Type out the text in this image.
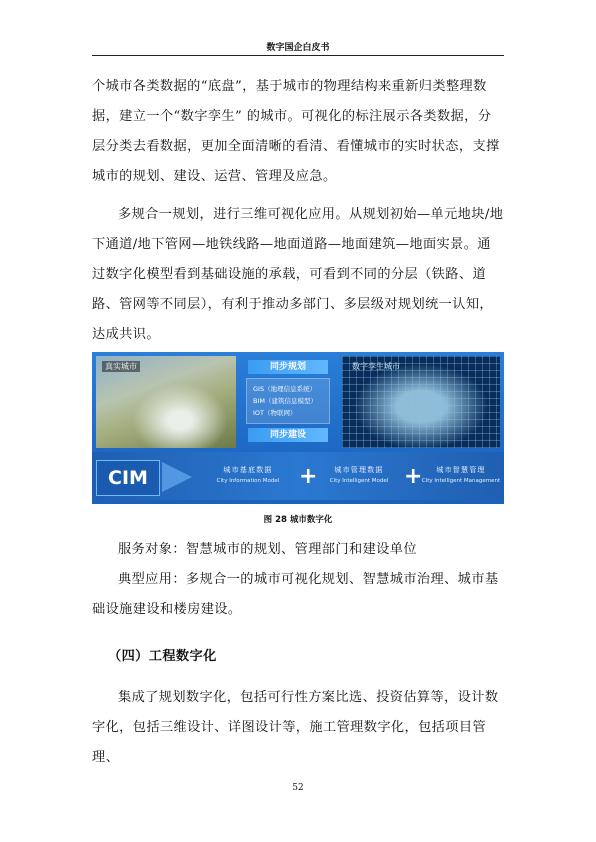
数字国企白皮书

个城市各类数据的“底盘”，基于城市的物理结构来重新归类整理数据，建立一个“数字孪生” 的城市。可视化的标注展示各类数据，分层分类去看数据，更加全面清晰的看清、看懂城市的实时状态，支撑城市的规划、建设、运营、管理及应急。

多规合一规划，进行三维可视化应用。从规划初始—单元地块/地下通道/地下管网—地铁线路—地面道路—地面建筑—地面实景。通过数字化模型看到基础设施的承载，可看到不同的分层（铁路、道路、管网等不同层），有利于推动多部门、多层级对规划统一认知，达成共识。

真实城市	同步规划
GIS（地理信息系统）
BIM（建筑信息模型）
IOT（物联网）
同步建设
数字孪生城市
CIM	城市基底数据
City Information Model +	城市管理数据
City Intelligent Model +	城市智慧管理
City Intelligent Management
图 28 城市数字化

服务对象：智慧城市的规划、管理部门和建设单位

典型应用：多规合一的城市可视化规划、智慧城市治理、城市基础设施建设和楼房建设。

（四）工程数字化

集成了规划数字化，包括可行性方案比选、投资估算等，设计数字化，包括三维设计、详图设计等，施工管理数字化，包括项目管理、

52
